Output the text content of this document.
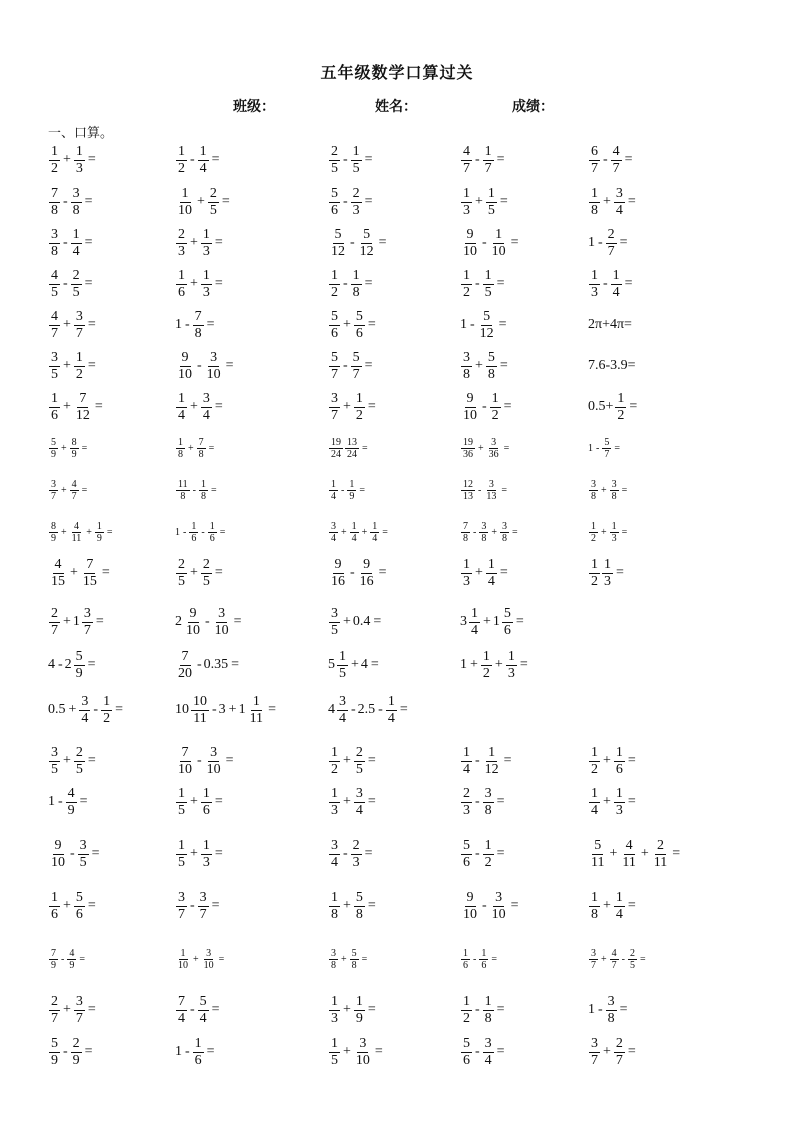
五年级数学口算过关
班级：	姓名：	成绩：
一、口算。
$\frac{1}{2} + \frac{1}{3}$ =	$\frac{1}{2} - \frac{1}{4}$ =	$\frac{2}{5} - \frac{1}{5}$ =	$\frac{4}{7} - \frac{1}{7}$ =	$\frac{6}{7} - \frac{4}{7}$ =
$\frac{7}{8} - \frac{3}{8}$ =	$\frac{1}{10} + \frac{2}{5}$ =	$\frac{5}{6} - \frac{2}{3}$ =	$\frac{1}{3} + \frac{1}{5}$ =	$\frac{1}{8} + \frac{3}{4}$ =
$\frac{3}{8} - \frac{1}{4}$ =	$\frac{2}{3} + \frac{1}{3}$ =	$\frac{5}{12} - \frac{5}{12}$ =	$\frac{9}{10} - \frac{1}{10}$ =	$1 - \frac{2}{7}$ =
$\frac{4}{5} - \frac{2}{5}$ =	$\frac{1}{6} + \frac{1}{3}$ =	$\frac{1}{2} - \frac{1}{8}$ =	$\frac{1}{2} - \frac{1}{5}$ =	$\frac{1}{3} - \frac{1}{4}$ =
$\frac{4}{7} + \frac{3}{7}$ =	$1 - \frac{7}{8}$ =	$\frac{5}{6} + \frac{5}{6}$ =	$1 - \frac{5}{12}$ =	2π+4π=
$\frac{3}{5} + \frac{1}{2}$ =	$\frac{9}{10} - \frac{3}{10}$ =	$\frac{5}{7} - \frac{5}{7}$ =	$\frac{3}{8} + \frac{5}{8}$ =	7.6-3.9=
$\frac{1}{6} + \frac{7}{12}$ =	$\frac{1}{4} + \frac{3}{4}$ =	$\frac{3}{7} + \frac{1}{2}$ =	$\frac{9}{10} - \frac{1}{2}$ =	$0.5+ \frac{1}{2}$ =
$\frac{5}{9} + \frac{8}{9}$ =	$\frac{1}{8} + \frac{7}{8}$ =	$\frac{19}{24} \frac{13}{24}$ =	$\frac{19}{36} + \frac{3}{36}$ =	$1 - \frac{5}{7}$ =
$\frac{3}{7} + \frac{4}{7}$ =	$\frac{11}{8} - \frac{1}{8}$ =	$\frac{1}{4} - \frac{1}{9}$ =	$\frac{12}{13} - \frac{3}{13}$ =	$\frac{3}{8} + \frac{3}{8}$ =
$\frac{8}{9} + \frac{4}{11} + \frac{1}{9}$ =	$1 - \frac{1}{6} - \frac{1}{6}$ =	$\frac{3}{4} + \frac{1}{4} + \frac{1}{4}$ =	$\frac{7}{8} - \frac{3}{8} + \frac{3}{8}$ =	$\frac{1}{2} + \frac{1}{3}$ =
$\frac{4}{15} + \frac{7}{15}$ =	$\frac{2}{5} + \frac{2}{5}$ =	$\frac{9}{16} - \frac{9}{16}$ =	$\frac{1}{3} + \frac{1}{4}$ =	$\frac{1}{2} \frac{1}{3}$ =
$\frac{2}{7} + 1 \frac{3}{7}$ =	$2 \frac{9}{10} - \frac{3}{10}$ =	$\frac{3}{5} + 0.4$ =	$3 \frac{1}{4} + 1 \frac{5}{6}$ =
$4 - 2 \frac{5}{9}$ =	$\frac{7}{20} - 0.35$ =	$5 \frac{1}{5} + 4$ =	$1 + \frac{1}{2} + \frac{1}{3}$ =
$0.5 + \frac{3}{4} - \frac{1}{2}$ =	$10 \frac{10}{11} - 3 + 1 \frac{1}{11}$ =	$4 \frac{3}{4} - 2.5 - \frac{1}{4}$ =
$\frac{3}{5} + \frac{2}{5}$ =	$\frac{7}{10} - \frac{3}{10}$ =	$\frac{1}{2} + \frac{2}{5}$ =	$\frac{1}{4} - \frac{1}{12}$ =	$\frac{1}{2} + \frac{1}{6}$ =
$1 - \frac{4}{9}$ =	$\frac{1}{5} + \frac{1}{6}$ =	$\frac{1}{3} + \frac{3}{4}$ =	$\frac{2}{3} - \frac{3}{8}$ =	$\frac{1}{4} + \frac{1}{3}$ =
$\frac{9}{10} - \frac{3}{5}$ =	$\frac{1}{5} + \frac{1}{3}$ =	$\frac{3}{4} - \frac{2}{3}$ =	$\frac{5}{6} - \frac{1}{2}$ =	$\frac{5}{11} + \frac{4}{11} + \frac{2}{11}$ =
$\frac{1}{6} + \frac{5}{6}$ =	$\frac{3}{7} - \frac{3}{7}$ =	$\frac{1}{8} + \frac{5}{8}$ =	$\frac{9}{10} - \frac{3}{10}$ =	$\frac{1}{8} + \frac{1}{4}$ =
$\frac{7}{9} - \frac{4}{9}$ =	$\frac{1}{10} + \frac{3}{10}$ =	$\frac{3}{8} + \frac{5}{8}$ =	$\frac{1}{6} - \frac{1}{6}$ =	$\frac{3}{7} + \frac{4}{7} - \frac{2}{5}$ =
$\frac{2}{7} + \frac{3}{7}$ =	$\frac{7}{4} - \frac{5}{4}$ =	$\frac{1}{3} + \frac{1}{9}$ =	$\frac{1}{2} - \frac{1}{8}$ =	$1 - \frac{3}{8}$ =
$\frac{5}{9} - \frac{2}{9}$ =	$1 - \frac{1}{6}$ =	$\frac{1}{5} + \frac{3}{10}$ =	$\frac{5}{6} - \frac{3}{4}$ =	$\frac{3}{7} + \frac{2}{7}$ =
